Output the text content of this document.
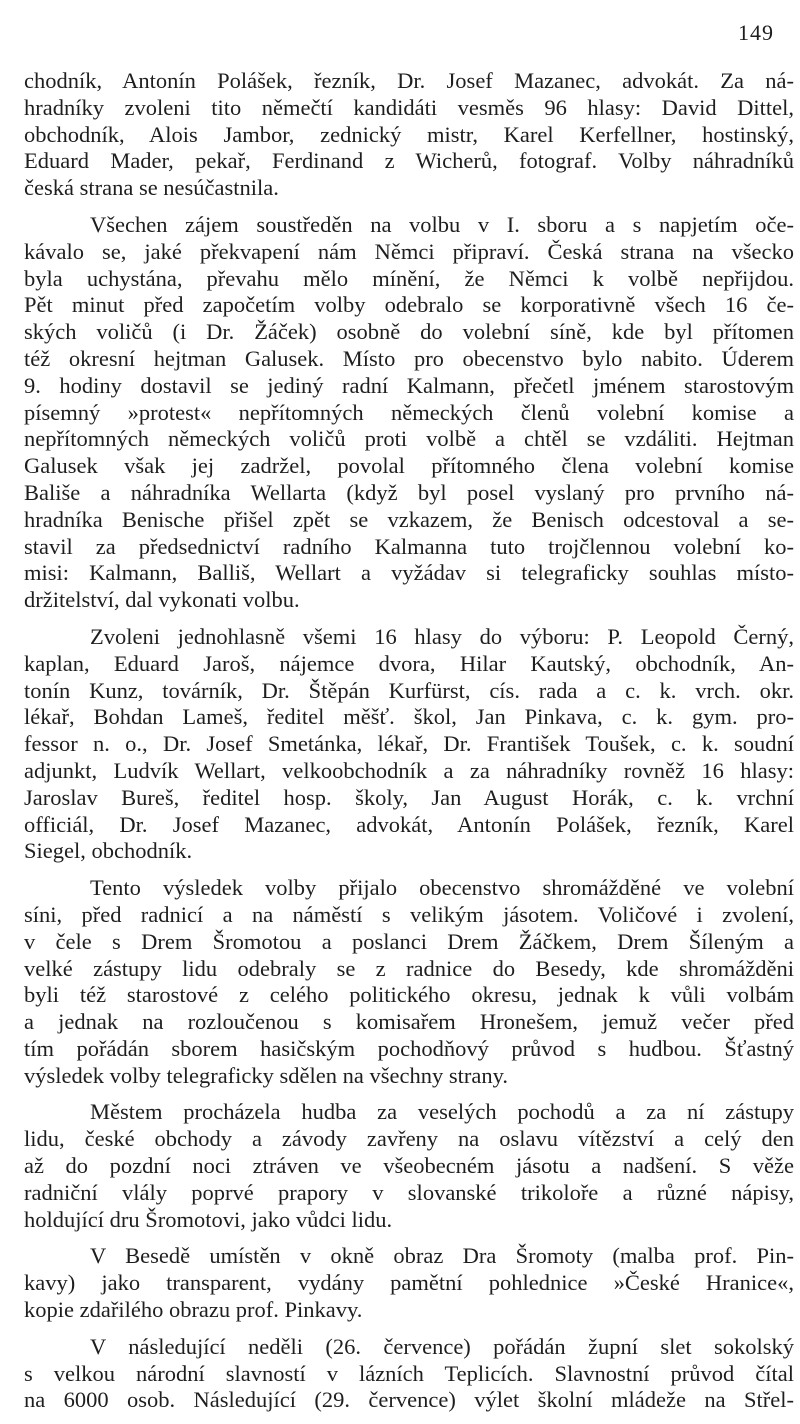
149
chodník, Antonín Polášek, řezník, Dr. Josef Mazanec, advokát. Za ná-
hradníky zvoleni tito němečtí kandidáti vesměs 96 hlasy: David Dittel,
obchodník, Alois Jambor, zednický mistr, Karel Kerfellner, hostinský,
Eduard Mader, pekař, Ferdinand z Wicherů, fotograf. Volby náhradníků
česká strana se nesúčastnila.
Všechen zájem soustředěn na volbu v I. sboru a s napjetím oče-
kávalo se, jaké překvapení nám Němci připraví. Česká strana na všecko
byla uchystána, převahu mělo mínění, že Němci k volbě nepřijdou.
Pět minut před započetím volby odebralo se korporativně všech 16 če-
ských voličů (i Dr. Žáček) osobně do volební síně, kde byl přítomen
též okresní hejtman Galusek. Místo pro obecenstvo bylo nabito. Úderem
9. hodiny dostavil se jediný radní Kalmann, přečetl jménem starostovým
písemný »protest« nepřítomných německých členů volební komise a
nepřítomných německých voličů proti volbě a chtěl se vzdáliti. Hejtman
Galusek však jej zadržel, povolal přítomného člena volební komise
Bališe a náhradníka Wellarta (když byl posel vyslaný pro prvního ná-
hradníka Benische přišel zpět se vzkazem, že Benisch odcestoval a se-
stavil za předsednictví radního Kalmanna tuto trojčlennou volební ko-
misi: Kalmann, Balliš, Wellart a vyžádav si telegraficky souhlas místo-
držitelství, dal vykonati volbu.
Zvoleni jednohlasně všemi 16 hlasy do výboru: P. Leopold Černý,
kaplan, Eduard Jaroš, nájemce dvora, Hilar Kautský, obchodník, An-
tonín Kunz, továrník, Dr. Štěpán Kurfürst, cís. rada a c. k. vrch. okr.
lékař, Bohdan Lameš, ředitel měšť. škol, Jan Pinkava, c. k. gym. pro-
fessor n. o., Dr. Josef Smetánka, lékař, Dr. František Toušek, c. k. soudní
adjunkt, Ludvík Wellart, velkoobchodník a za náhradníky rovněž 16 hlasy:
Jaroslav Bureš, ředitel hosp. školy, Jan August Horák, c. k. vrchní
officiál, Dr. Josef Mazanec, advokát, Antonín Polášek, řezník, Karel
Siegel, obchodník.
Tento výsledek volby přijalo obecenstvo shromážděné ve volební
síni, před radnicí a na náměstí s velikým jásotem. Voličové i zvolení,
v čele s Drem Šromotou a poslanci Drem Žáčkem, Drem Šíleným a
velké zástupy lidu odebraly se z radnice do Besedy, kde shromážděni
byli též starostové z celého politického okresu, jednak k vůli volbám
a jednak na rozloučenou s komisařem Hronešem, jemuž večer před
tím pořádán sborem hasičským pochodňový průvod s hudbou. Šťastný
výsledek volby telegraficky sdělen na všechny strany.
Městem procházela hudba za veselých pochodů a za ní zástupy
lidu, české obchody a závody zavřeny na oslavu vítězství a celý den
až do pozdní noci ztráven ve všeobecném jásotu a nadšení. S věže
radniční vlály poprvé prapory v slovanské trikoloře a různé nápisy,
holdující dru Šromotovi, jako vůdci lidu.
V Besedě umístěn v okně obraz Dra Šromoty (malba prof. Pin-
kavy) jako transparent, vydány pamětní pohlednice »České Hranice«,
kopie zdařilého obrazu prof. Pinkavy.
V následující neděli (26. července) pořádán župní slet sokolský
s velkou národní slavností v lázních Teplicích. Slavnostní průvod čítal
na 6000 osob. Následující (29. července) výlet školní mládeže na Střel-
